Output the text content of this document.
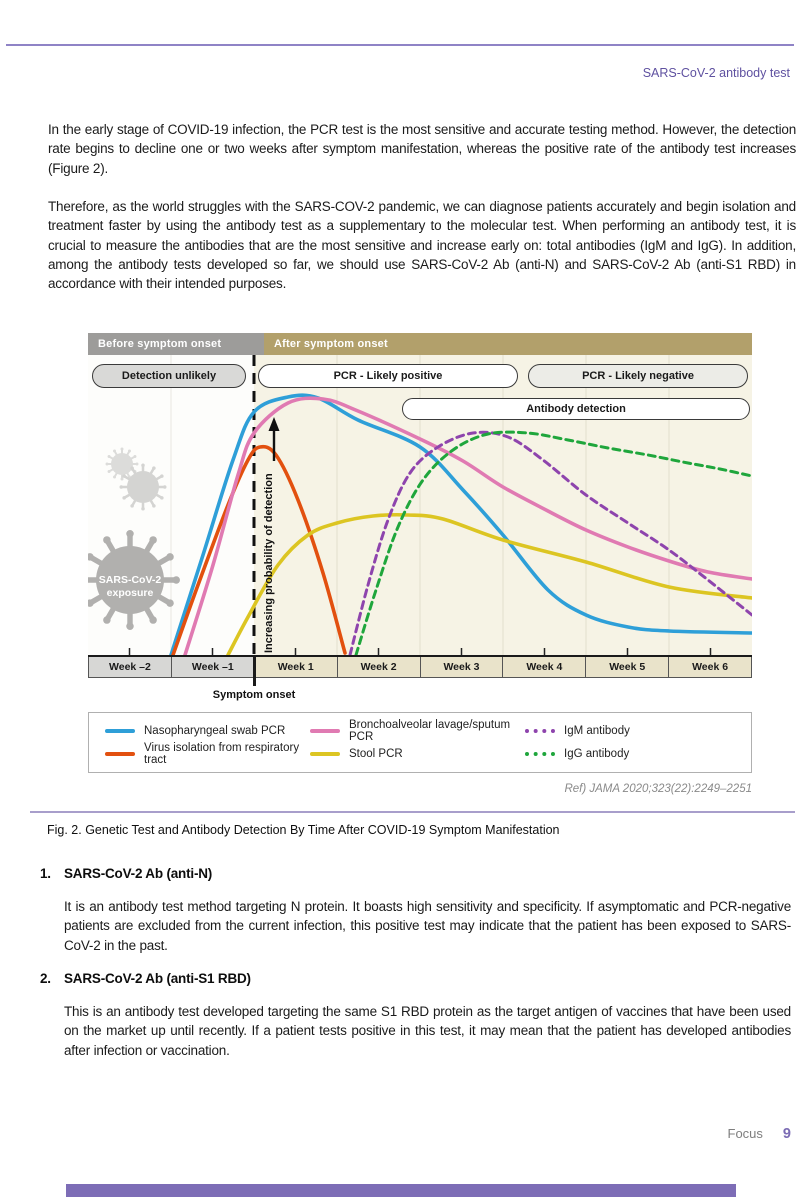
SARS-CoV-2 antibody test
In the early stage of COVID-19 infection, the PCR test is the most sensitive and accurate testing method. However, the detection rate begins to decline one or two weeks after symptom manifestation, whereas the positive rate of the antibody test increases (Figure 2).
Therefore, as the world struggles with the SARS-COV-2 pandemic, we can diagnose patients accurately and begin isolation and treatment faster by using the antibody test as a supplementary to the molecular test. When performing an antibody test, it is crucial to measure the antibodies that are the most sensitive and increase early on: total antibodies (IgM and IgG). In addition, among the antibody tests developed so far, we should use SARS-CoV-2 Ab (anti-N) and SARS-CoV-2 Ab (anti-S1 RBD) in accordance with their intended purposes.
Before symptom onset	After symptom onset
SARS-CoV-2
exposure
Detection unlikely	PCR - Likely positive	PCR - Likely negative
Antibody detection
Increasing probability of detection
Week –2	Week –1	Week 1	Week 2	Week 3	Week 4	Week 5	Week 6
Symptom onset
Nasopharyngeal swab PCR	Bronchoalveolar lavage/sputum PCR	IgM antibody
Virus isolation from respiratory tract	Stool PCR	IgG antibody
Ref) JAMA 2020;323(22):2249–2251
Fig. 2. Genetic Test and Antibody Detection By Time After COVID-19 Symptom Manifestation
1. SARS-CoV-2 Ab (anti-N)
It is an antibody test method targeting N protein. It boasts high sensitivity and specificity. If asymptomatic and PCR-negative patients are excluded from the current infection, this positive test may indicate that the patient has been exposed to SARS-CoV-2 in the past.
2. SARS-CoV-2 Ab (anti-S1 RBD)
This is an antibody test developed targeting the same S1 RBD protein as the target antigen of vaccines that have been used on the market up until recently. If a patient tests positive in this test, it may mean that the patient has developed antibodies after infection or vaccination.
Focus 9
